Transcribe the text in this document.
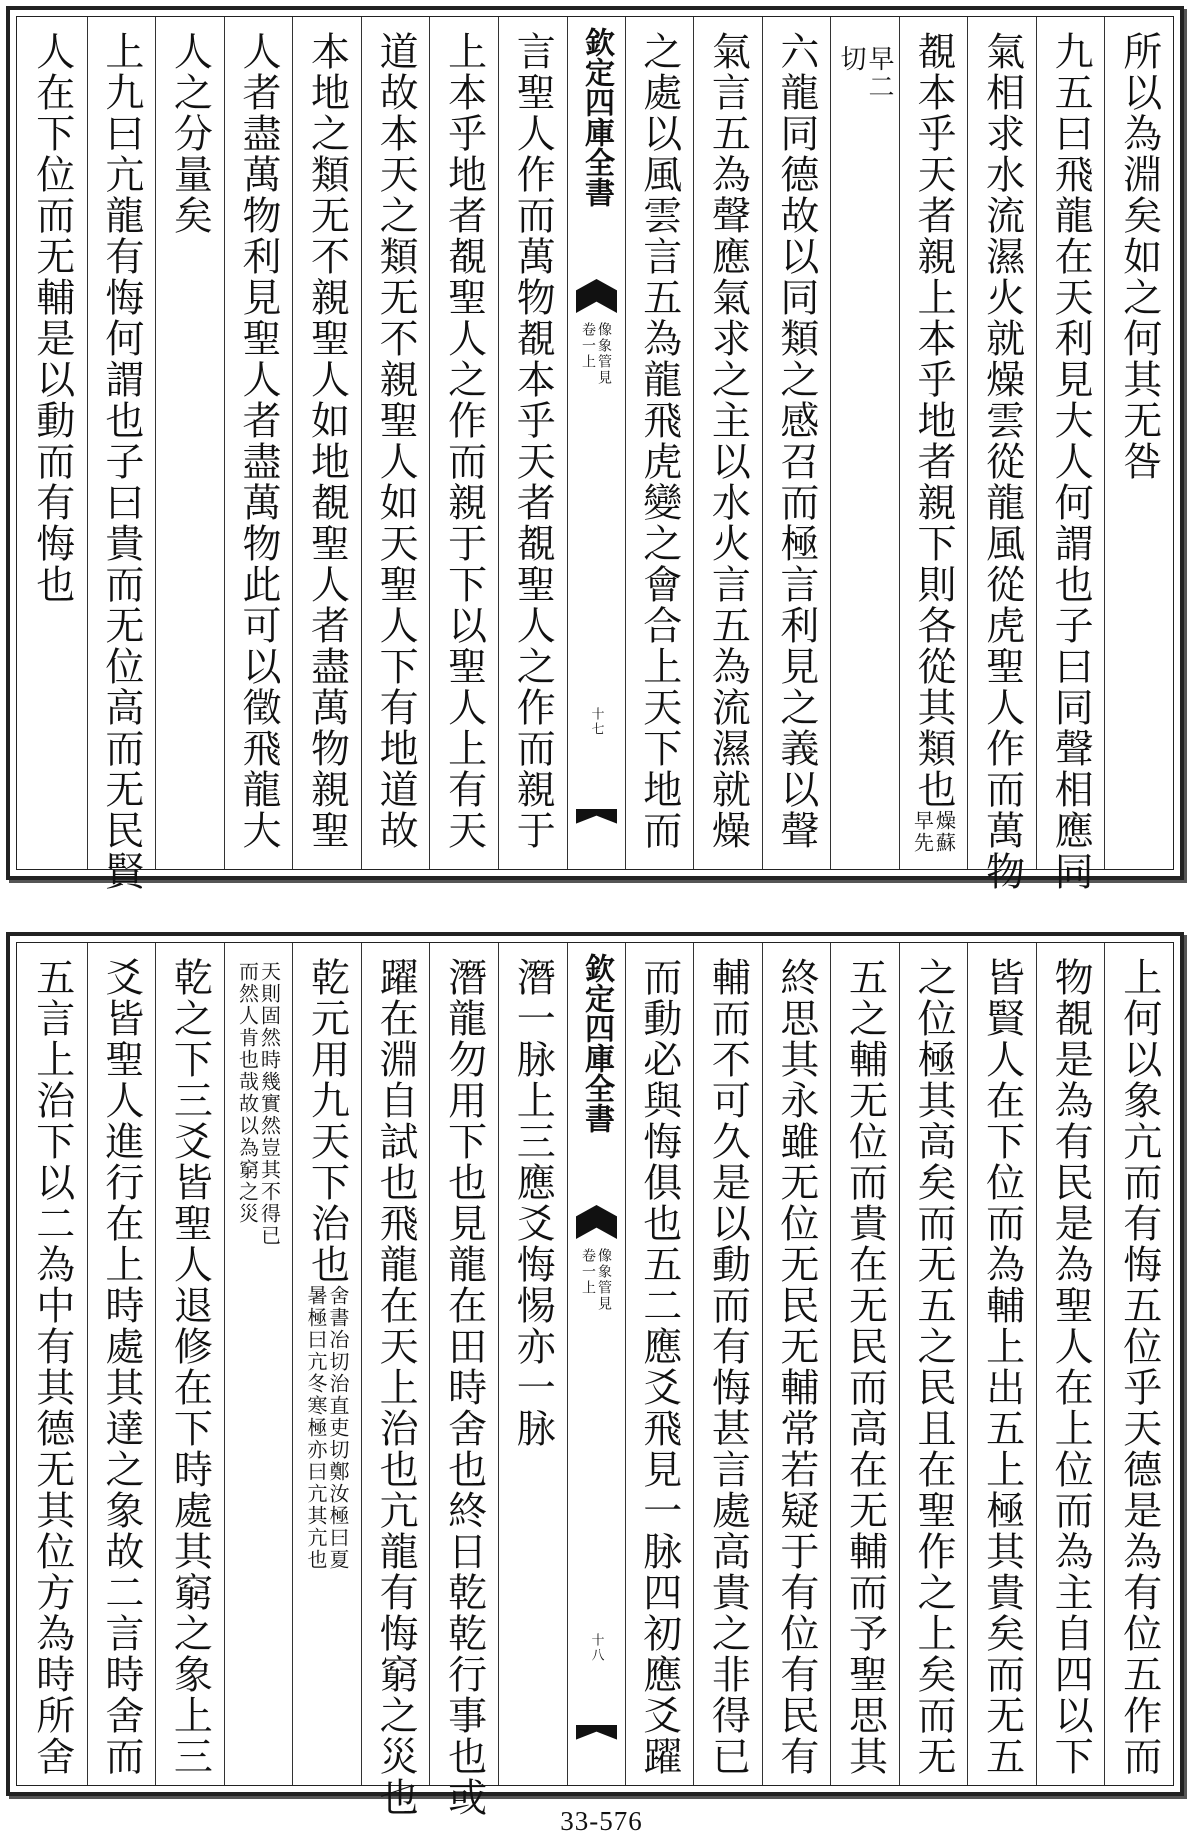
所以為淵矣如之何其无咎
九五曰飛龍在天利見大人何謂也子曰同聲相應同
氣相求水流濕火就燥雲從龍風從虎聖人作而萬物
覩本乎天者親上本乎地者親下則各從其類也
燥蘇
早先
早二
切
六龍同德故以同類之感召而極言利見之義以聲
氣言五為聲應氣求之主以水火言五為流濕就燥
之處以風雲言五為龍飛虎變之會合上天下地而
欽定四庫全書
像象管見
卷一上
十七
言聖人作而萬物覩本乎天者覩聖人之作而親于
上本乎地者覩聖人之作而親于下以聖人上有天
道故本天之類无不親聖人如天聖人下有地道故
本地之類无不親聖人如地覩聖人者盡萬物親聖
人者盡萬物利見聖人者盡萬物此可以徵飛龍大
人之分量矣
上九曰亢龍有悔何謂也子曰貴而无位高而无民賢
人在下位而无輔是以動而有悔也
上何以象亢而有悔五位乎天德是為有位五作而
物覩是為有民是為聖人在上位而為主自四以下
皆賢人在下位而為輔上出五上極其貴矣而无五
之位極其高矣而无五之民且在聖作之上矣而无
五之輔无位而貴在无民而高在无輔而予聖思其
終思其永雖无位无民无輔常若疑于有位有民有
輔而不可久是以動而有悔甚言處高貴之非得已
而動必與悔俱也五二應爻飛見一脉四初應爻躍
欽定四庫全書
像象管見
卷一上
十八
潛一脉上三應爻悔惕亦一脉
潛龍勿用下也見龍在田時舍也終日乾乾行事也或
躍在淵自試也飛龍在天上治也亢龍有悔窮之災也
乾元用九天下治也
舍書冶切治直吏切鄭汝極曰夏
暑極曰亢冬寒極亦曰亢其亢也
天則固然時幾實然豈其不得已
而然人肯也哉故以為窮之災
乾之下三爻皆聖人退修在下時處其窮之象上三
爻皆聖人進行在上時處其達之象故二言時舍而
五言上治下以二為中有其德无其位方為時所舍
33-576
